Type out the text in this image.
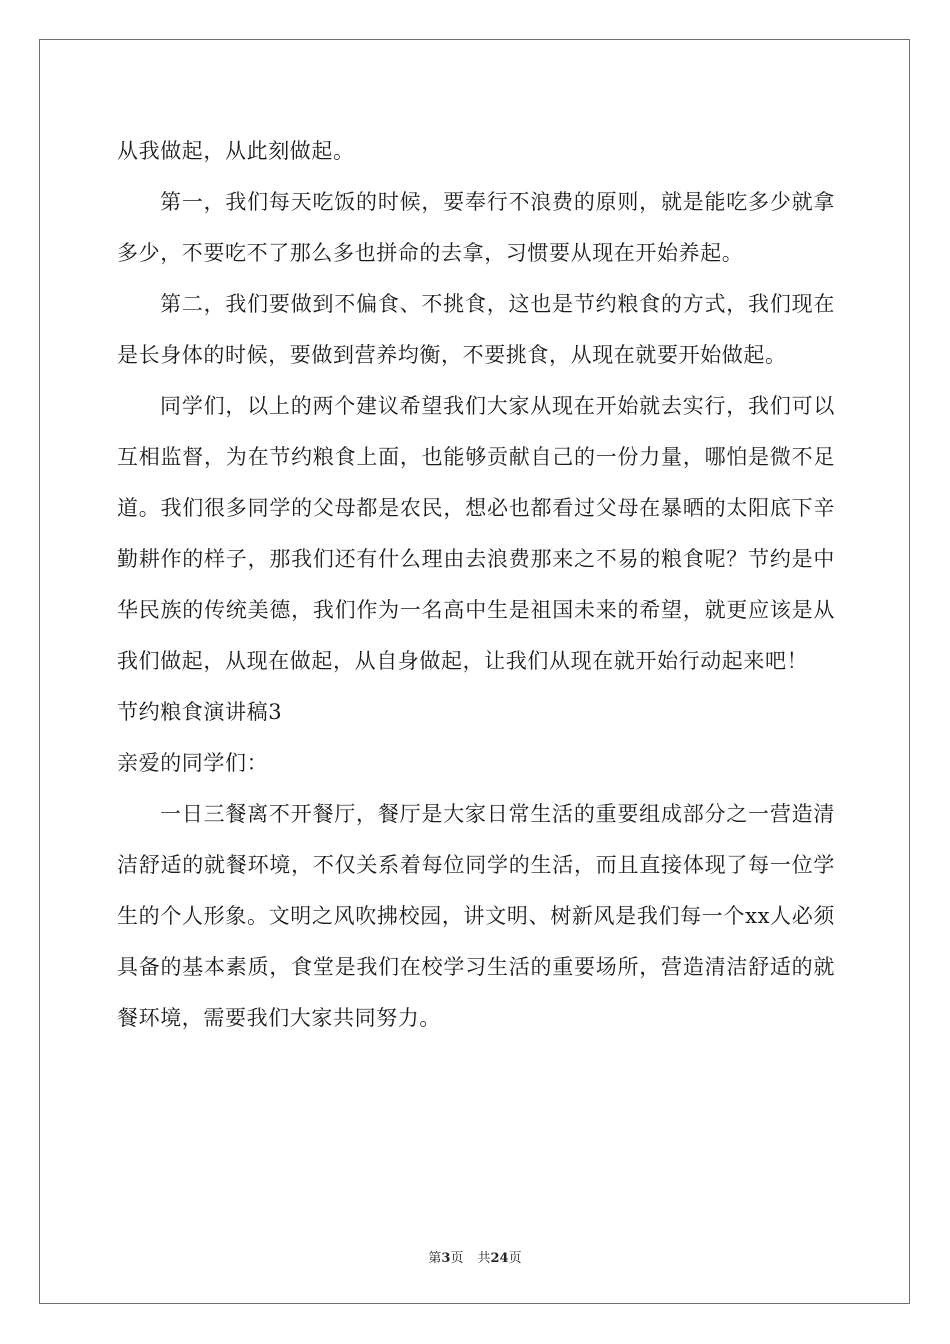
从我做起，从此刻做起。

第一，我们每天吃饭的时候，要奉行不浪费的原则，就是能吃多少就拿多少，不要吃不了那么多也拼命的去拿，习惯要从现在开始养起。

第二，我们要做到不偏食、不挑食，这也是节约粮食的方式，我们现在是长身体的时候，要做到营养均衡，不要挑食，从现在就要开始做起。

同学们，以上的两个建议希望我们大家从现在开始就去实行，我们可以互相监督，为在节约粮食上面，也能够贡献自己的一份力量，哪怕是微不足道。我们很多同学的父母都是农民，想必也都看过父母在暴晒的太阳底下辛勤耕作的样子，那我们还有什么理由去浪费那来之不易的粮食呢？节约是中华民族的传统美德，我们作为一名高中生是祖国未来的希望，就更应该是从我们做起，从现在做起，从自身做起，让我们从现在就开始行动起来吧！

节约粮食演讲稿3

亲爱的同学们：

一日三餐离不开餐厅，餐厅是大家日常生活的重要组成部分之一营造清洁舒适的就餐环境，不仅关系着每位同学的生活，而且直接体现了每一位学生的个人形象。文明之风吹拂校园，讲文明、树新风是我们每一个xx人必须具备的基本素质，食堂是我们在校学习生活的重要场所，营造清洁舒适的就餐环境，需要我们大家共同努力。

第3页 共24页
